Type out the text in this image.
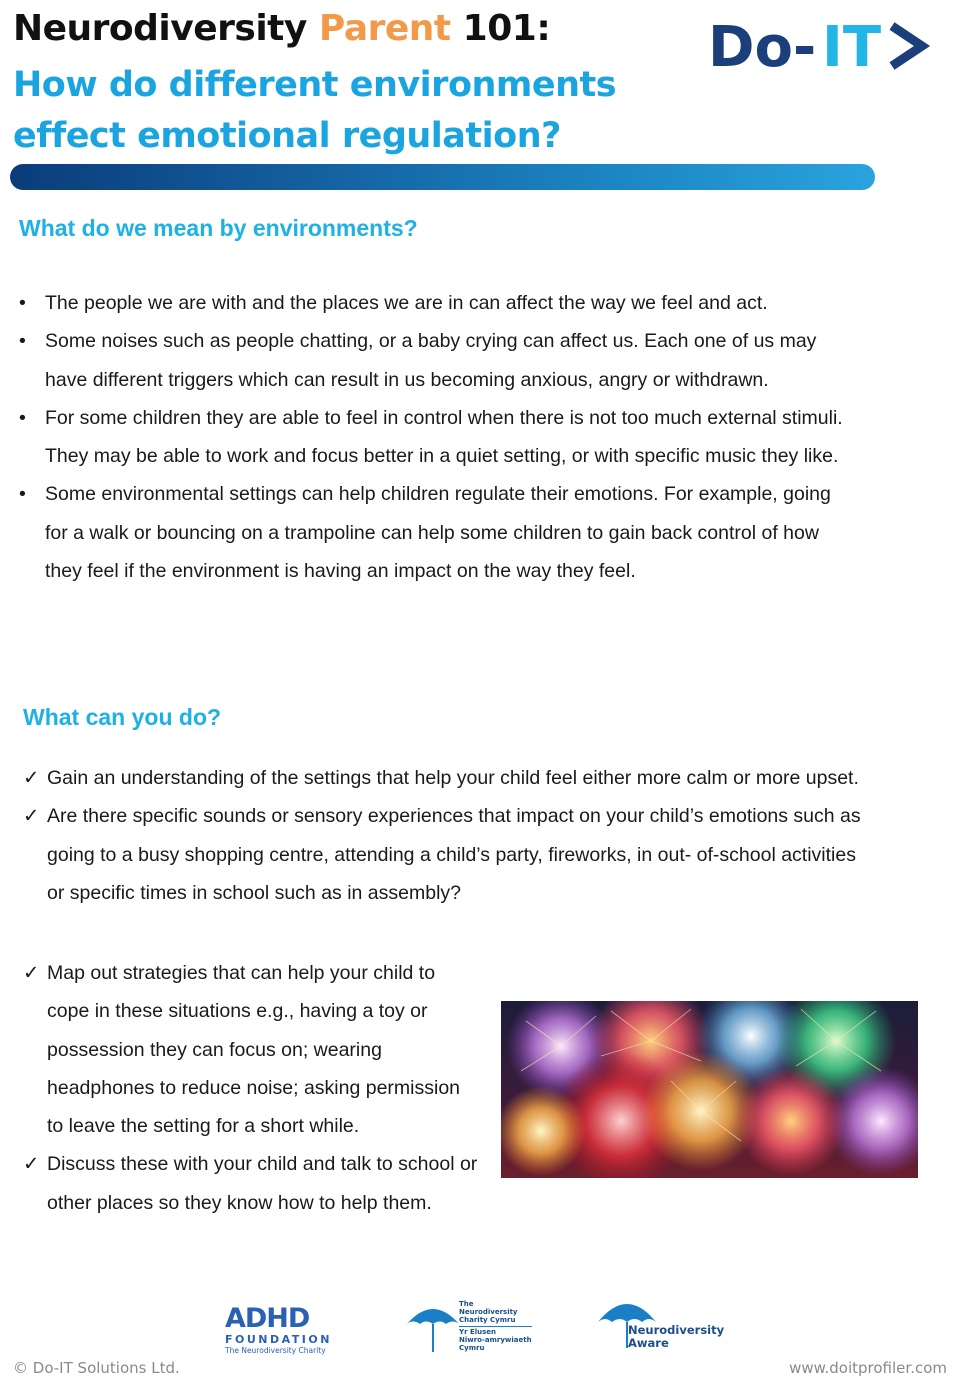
Neurodiversity Parent 101:
How do different environments effect emotional regulation?
Do- IT
What do we mean by environments?
• The people we are with and the places we are in can affect the way we feel and act.
• Some noises such as people chatting, or a baby crying can affect us. Each one of us may have different triggers which can result in us becoming anxious, angry or withdrawn.
• For some children they are able to feel in control when there is not too much external stimuli. They may be able to work and focus better in a quiet setting, or with specific music they like.
• Some environmental settings can help children regulate their emotions. For example, going for a walk or bouncing on a trampoline can help some children to gain back control of how they feel if the environment is having an impact on the way they feel.
What can you do?
✓ Gain an understanding of the settings that help your child feel either more calm or more upset.
✓ Are there specific sounds or sensory experiences that impact on your child’s emotions such as going to a busy shopping centre, attending a child’s party, fireworks, in out- of-school activities or specific times in school such as in assembly?
✓ Map out strategies that can help your child to cope in these situations e.g., having a toy or possession they can focus on; wearing headphones to reduce noise; asking permission to leave the setting for a short while.
✓ Discuss these with your child and talk to school or other places so they know how to help them.
ADHD
FOUNDATION
The Neurodiversity Charity
The
Neurodiversity
Charity Cymru
Yr Elusen
Niwro-amrywiaeth
Cymru
Neurodiversity
Aware
© Do-IT Solutions Ltd.	www.doitprofiler.com
